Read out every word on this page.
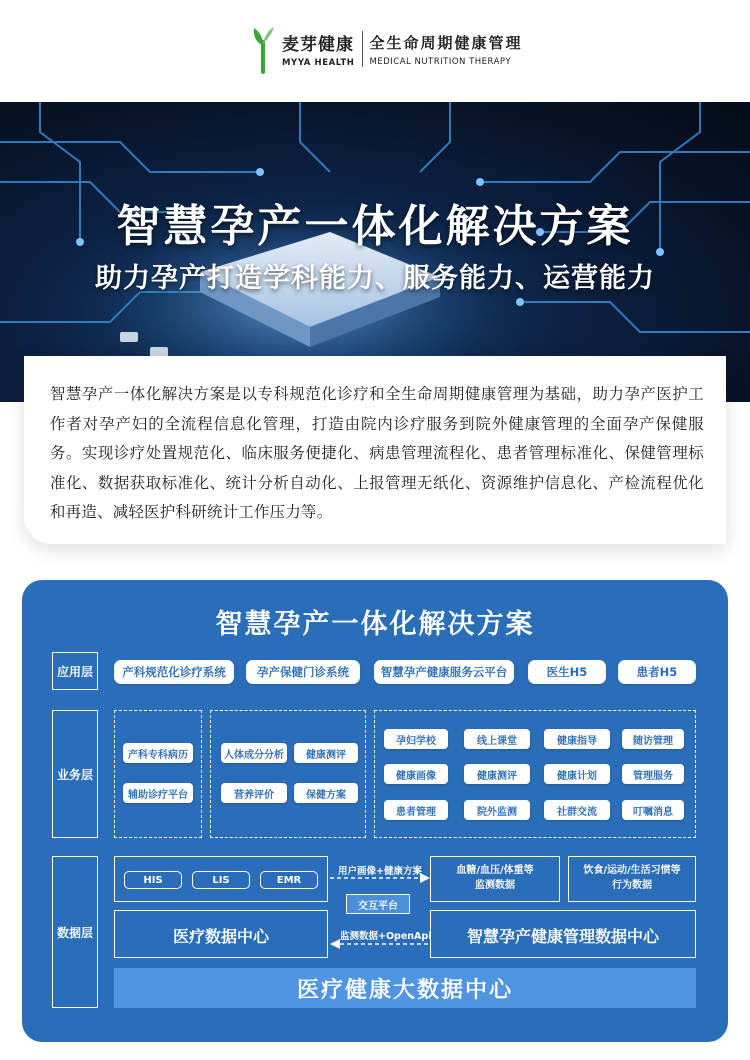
麦芽健康
MYYA HEALTH
全生命周期健康管理
MEDICAL NUTRITION THERAPY
智慧孕产一体化解决方案
助力孕产打造学科能力、服务能力、运营能力

智慧孕产一体化解决方案是以专科规范化诊疗和全生命周期健康管理为基础，助力孕产医护工作者对孕产妇的全流程信息化管理，打造由院内诊疗服务到院外健康管理的全面孕产保健服务。实现诊疗处置规范化、临床服务便捷化、病患管理流程化、患者管理标准化、保健管理标准化、数据获取标准化、统计分析自动化、上报管理无纸化、资源维护信息化、产检流程优化和再造、减轻医护科研统计工作压力等。

智慧孕产一体化解决方案
应用层	产科规范化诊疗系统	孕产保健门诊系统	智慧孕产健康服务云平台	医生H5	患者H5
业务层
产科专科病历
辅助诊疗平台
人体成分分析	健康测评
营养评价	保健方案
孕妇学校	线上课堂	健康指导	随访管理
健康画像	健康测评	健康计划	管理服务
患者管理	院外监测	社群交流	叮嘱消息
数据层
HIS	LIS	EMR
血糖/血压/体重等
监测数据
饮食/运动/生活习惯等
行为数据
用户画像+健康方案
交互平台
监测数据+OpenApi
医疗数据中心	智慧孕产健康管理数据中心
医疗健康大数据中心
